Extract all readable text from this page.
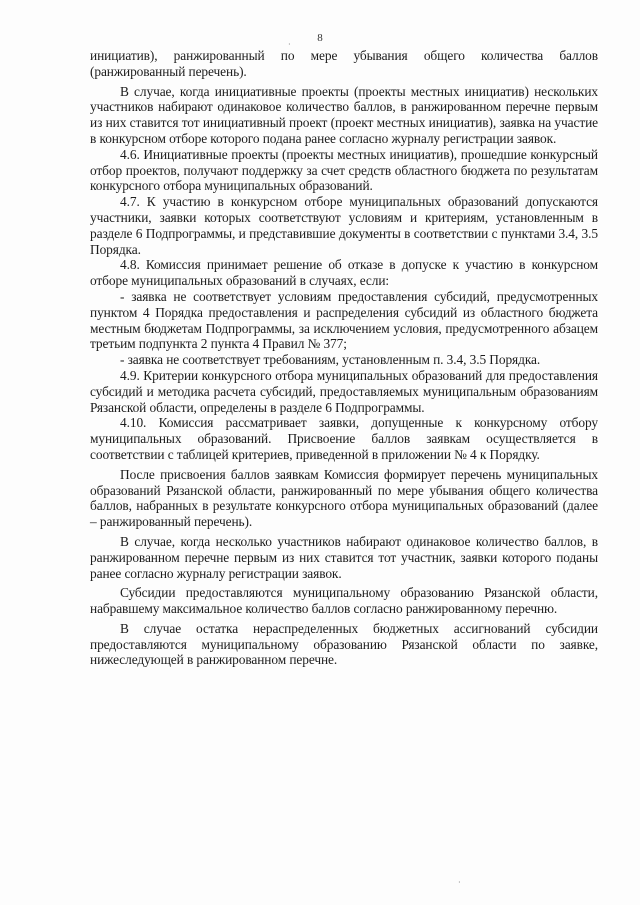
8
·
·

инициатив), ранжированный по мере убывания общего количества баллов (ранжированный перечень).

В случае, когда инициативные проекты (проекты местных инициатив) нескольких участников набирают одинаковое количество баллов, в ранжированном перечне первым из них ставится тот инициативный проект (проект местных инициатив), заявка на участие в конкурсном отборе которого подана ранее согласно журналу регистрации заявок.

4.6. Инициативные проекты (проекты местных инициатив), прошедшие конкурсный отбор проектов, получают поддержку за счет средств областного бюджета по результатам конкурсного отбора муниципальных образований.

4.7. К участию в конкурсном отборе муниципальных образований допускаются участники, заявки которых соответствуют условиям и критериям, установленным в разделе 6 Подпрограммы, и представившие документы в соответствии с пунктами 3.4, 3.5 Порядка.

4.8. Комиссия принимает решение об отказе в допуске к участию в конкурсном отборе муниципальных образований в случаях, если:

- заявка не соответствует условиям предоставления субсидий, предусмотренных пунктом 4 Порядка предоставления и распределения субсидий из областного бюджета местным бюджетам Подпрограммы, за исключением условия, предусмотренного абзацем третьим подпункта 2 пункта 4 Правил № 377;

- заявка не соответствует требованиям, установленным п. 3.4, 3.5 Порядка.

4.9. Критерии конкурсного отбора муниципальных образований для предоставления субсидий и методика расчета субсидий, предоставляемых муниципальным образованиям Рязанской области, определены в разделе 6 Подпрограммы.

4.10. Комиссия рассматривает заявки, допущенные к конкурсному отбору муниципальных образований. Присвоение баллов заявкам осуществляется в соответствии с таблицей критериев, приведенной в приложении № 4 к Порядку.

После присвоения баллов заявкам Комиссия формирует перечень муниципальных образований Рязанской области, ранжированный по мере убывания общего количества баллов, набранных в результате конкурсного отбора муниципальных образований (далее – ранжированный перечень).

В случае, когда несколько участников набирают одинаковое количество баллов, в ранжированном перечне первым из них ставится тот участник, заявки которого поданы ранее согласно журналу регистрации заявок.

Субсидии предоставляются муниципальному образованию Рязанской области, набравшему максимальное количество баллов согласно ранжированному перечню.

В случае остатка нераспределенных бюджетных ассигнований субсидии предоставляются муниципальному образованию Рязанской области по заявке, нижеследующей в ранжированном перечне.
